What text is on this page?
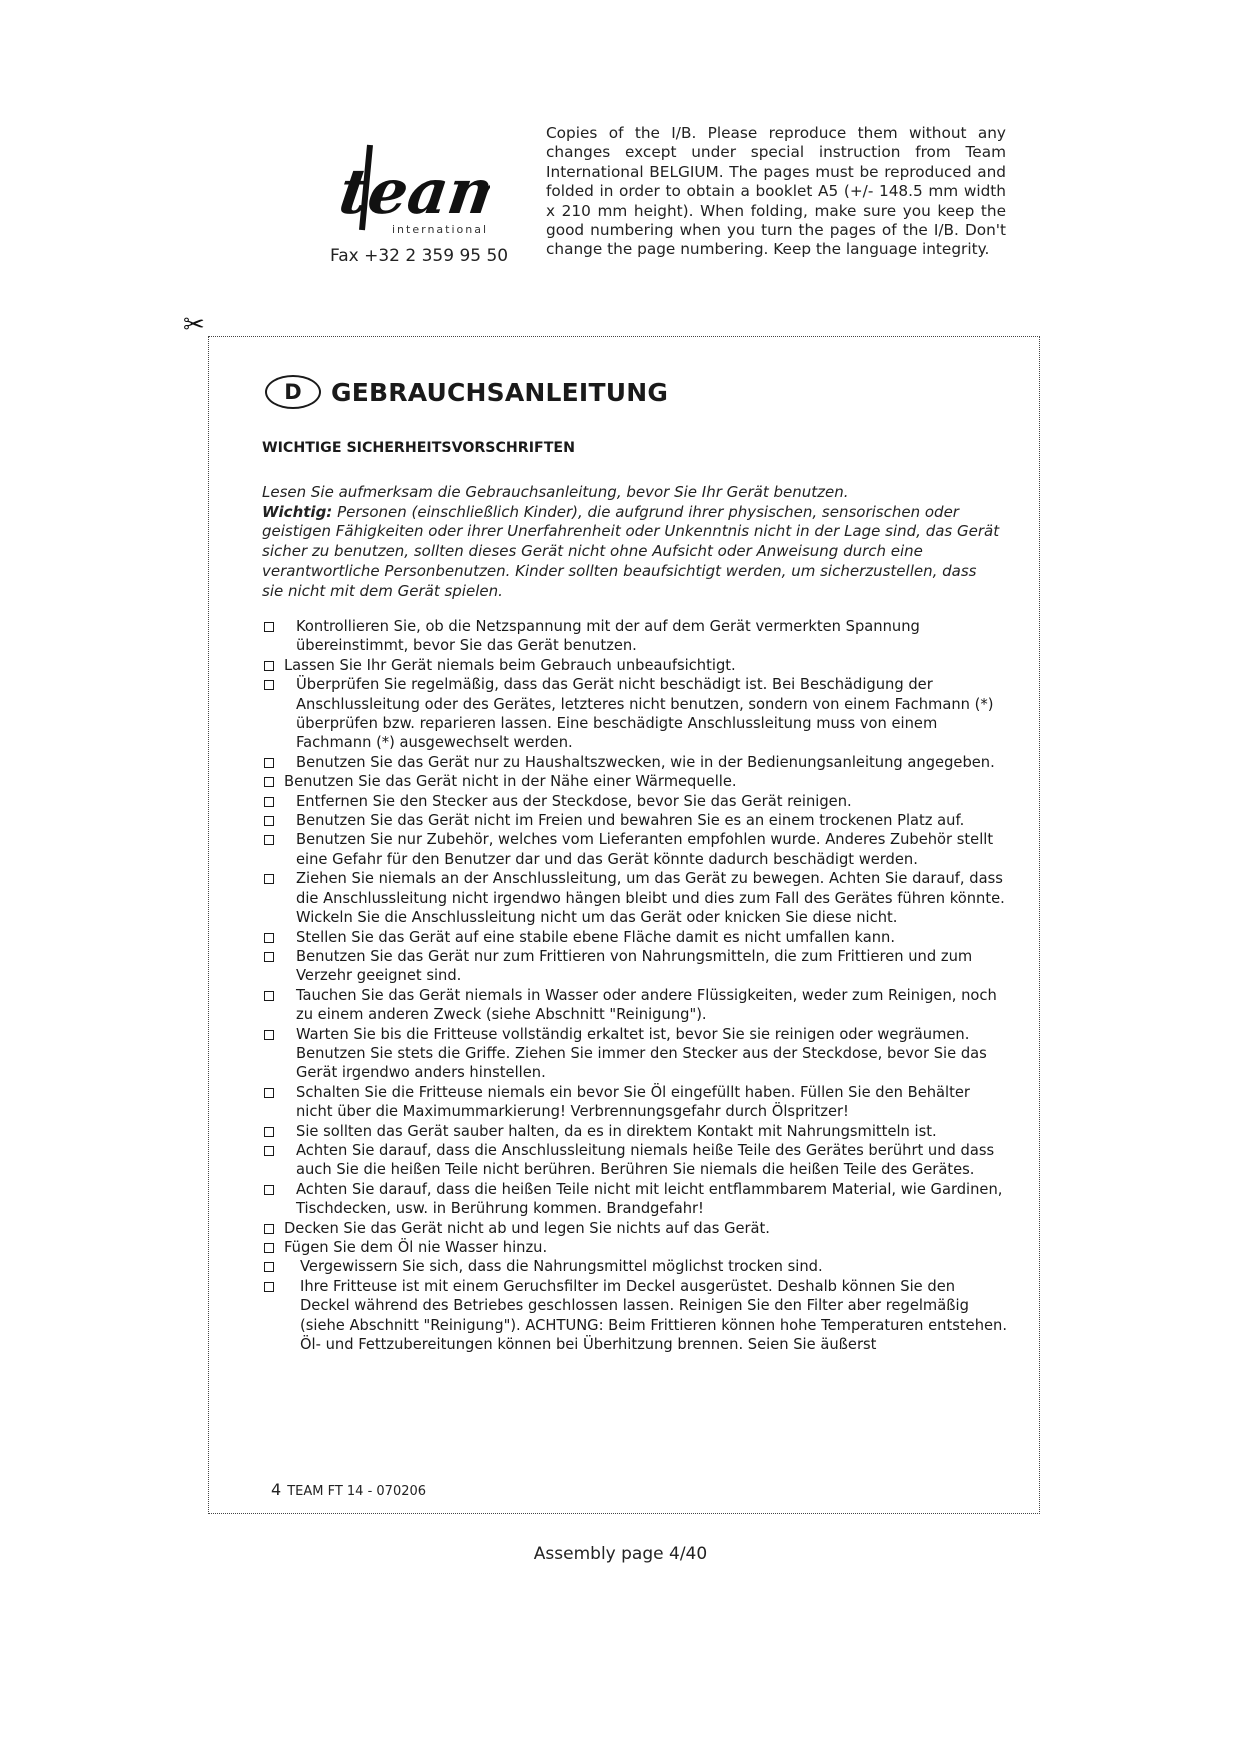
team
international
Fax +32 2 359 95 50
Copies of the I/B. Please reproduce them without any changes except under special instruction from Team International BELGIUM. The pages must be reproduced and folded in order to obtain a booklet A5 (+/- 148.5 mm width x 210 mm height). When folding, make sure you keep the good numbering when you turn the pages of the I/B. Don't change the page numbering. Keep the language integrity.
✂
D	GEBRAUCHSANLEITUNG
WICHTIGE SICHERHEITSVORSCHRIFTEN
Lesen Sie aufmerksam die Gebrauchsanleitung, bevor Sie Ihr Gerät benutzen.
Wichtig: Personen (einschließlich Kinder), die aufgrund ihrer physischen, sensorischen oder geistigen Fähigkeiten oder ihrer Unerfahrenheit oder Unkenntnis nicht in der Lage sind, das Gerät sicher zu benutzen, sollten dieses Gerät nicht ohne Aufsicht oder Anweisung durch eine verantwortliche Personbenutzen. Kinder sollten beaufsichtigt werden, um sicherzustellen, dass sie nicht mit dem Gerät spielen.
Kontrollieren Sie, ob die Netzspannung mit der auf dem Gerät vermerkten Spannung übereinstimmt, bevor Sie das Gerät benutzen.
Lassen Sie Ihr Gerät niemals beim Gebrauch unbeaufsichtigt.
Überprüfen Sie regelmäßig, dass das Gerät nicht beschädigt ist. Bei Beschädigung der Anschlussleitung oder des Gerätes, letzteres nicht benutzen, sondern von einem Fachmann (*) überprüfen bzw. reparieren lassen. Eine beschädigte Anschlussleitung muss von einem Fachmann (*) ausgewechselt werden.
Benutzen Sie das Gerät nur zu Haushaltszwecken, wie in der Bedienungsanleitung angegeben.
Benutzen Sie das Gerät nicht in der Nähe einer Wärmequelle.
Entfernen Sie den Stecker aus der Steckdose, bevor Sie das Gerät reinigen.
Benutzen Sie das Gerät nicht im Freien und bewahren Sie es an einem trockenen Platz auf.
Benutzen Sie nur Zubehör, welches vom Lieferanten empfohlen wurde. Anderes Zubehör stellt eine Gefahr für den Benutzer dar und das Gerät könnte dadurch beschädigt werden.
Ziehen Sie niemals an der Anschlussleitung, um das Gerät zu bewegen. Achten Sie darauf, dass die Anschlussleitung nicht irgendwo hängen bleibt und dies zum Fall des Gerätes führen könnte. Wickeln Sie die Anschlussleitung nicht um das Gerät oder knicken Sie diese nicht.
Stellen Sie das Gerät auf eine stabile ebene Fläche damit es nicht umfallen kann.
Benutzen Sie das Gerät nur zum Frittieren von Nahrungsmitteln, die zum Frittieren und zum Verzehr geeignet sind.
Tauchen Sie das Gerät niemals in Wasser oder andere Flüssigkeiten, weder zum Reinigen, noch zu einem anderen Zweck (siehe Abschnitt "Reinigung").
Warten Sie bis die Fritteuse vollständig erkaltet ist, bevor Sie sie reinigen oder wegräumen. Benutzen Sie stets die Griffe. Ziehen Sie immer den Stecker aus der Steckdose, bevor Sie das Gerät irgendwo anders hinstellen.
Schalten Sie die Fritteuse niemals ein bevor Sie Öl eingefüllt haben. Füllen Sie den Behälter nicht über die Maximummarkierung! Verbrennungsgefahr durch Ölspritzer!
Sie sollten das Gerät sauber halten, da es in direktem Kontakt mit Nahrungsmitteln ist.
Achten Sie darauf, dass die Anschlussleitung niemals heiße Teile des Gerätes berührt und dass auch Sie die heißen Teile nicht berühren. Berühren Sie niemals die heißen Teile des Gerätes.
Achten Sie darauf, dass die heißen Teile nicht mit leicht entflammbarem Material, wie Gardinen, Tischdecken, usw. in Berührung kommen. Brandgefahr!
Decken Sie das Gerät nicht ab und legen Sie nichts auf das Gerät.
Fügen Sie dem Öl nie Wasser hinzu.
Vergewissern Sie sich, dass die Nahrungsmittel möglichst trocken sind.
Ihre Fritteuse ist mit einem Geruchsfilter im Deckel ausgerüstet. Deshalb können Sie den Deckel während des Betriebes geschlossen lassen. Reinigen Sie den Filter aber regelmäßig (siehe Abschnitt "Reinigung"). ACHTUNG: Beim Frittieren können hohe Temperaturen entstehen. Öl- und Fettzubereitungen können bei Überhitzung brennen. Seien Sie äußerst
4 TEAM FT 14 - 070206
Assembly page 4/40
